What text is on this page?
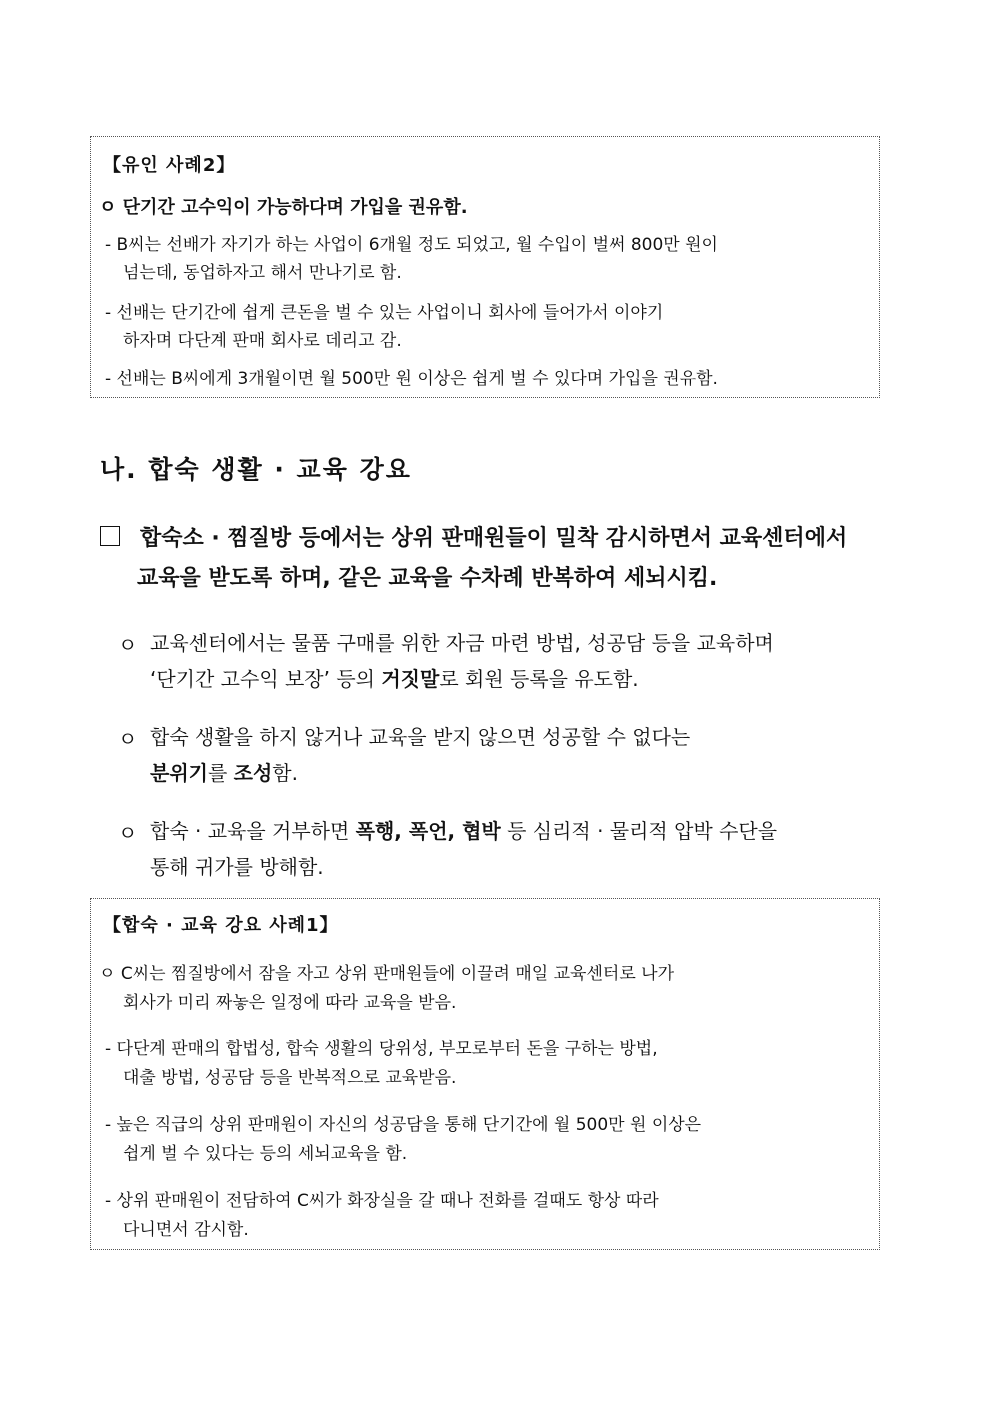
【유인 사례2】
ㅇ 단기간 고수익이 가능하다며 가입을 권유함.
- B씨는 선배가 자기가 하는 사업이 6개월 정도 되었고, 월 수입이 벌써 800만 원이
넘는데, 동업하자고 해서 만나기로 함.
- 선배는 단기간에 쉽게 큰돈을 벌 수 있는 사업이니 회사에 들어가서 이야기
하자며 다단계 판매 회사로 데리고 감.
- 선배는 B씨에게 3개월이면 월 500만 원 이상은 쉽게 벌 수 있다며 가입을 권유함.
나. 합숙 생활 · 교육 강요
합숙소 · 찜질방 등에서는 상위 판매원들이 밀착 감시하면서 교육센터에서
교육을 받도록 하며, 같은 교육을 수차례 반복하여 세뇌시킴.
ㅇ 교육센터에서는 물품 구매를 위한 자금 마련 방법, 성공담 등을 교육하며
‘단기간 고수익 보장’ 등의 거짓말로 회원 등록을 유도함.
ㅇ 합숙 생활을 하지 않거나 교육을 받지 않으면 성공할 수 없다는
분위기를 조성함.
ㅇ 합숙 · 교육을 거부하면 폭행, 폭언, 협박 등 심리적 · 물리적 압박 수단을
통해 귀가를 방해함.
【합숙 · 교육 강요 사례1】
ㅇ C씨는 찜질방에서 잠을 자고 상위 판매원들에 이끌려 매일 교육센터로 나가
회사가 미리 짜놓은 일정에 따라 교육을 받음.
- 다단계 판매의 합법성, 합숙 생활의 당위성, 부모로부터 돈을 구하는 방법,
대출 방법, 성공담 등을 반복적으로 교육받음.
- 높은 직급의 상위 판매원이 자신의 성공담을 통해 단기간에 월 500만 원 이상은
쉽게 벌 수 있다는 등의 세뇌교육을 함.
- 상위 판매원이 전담하여 C씨가 화장실을 갈 때나 전화를 걸때도 항상 따라
다니면서 감시함.
